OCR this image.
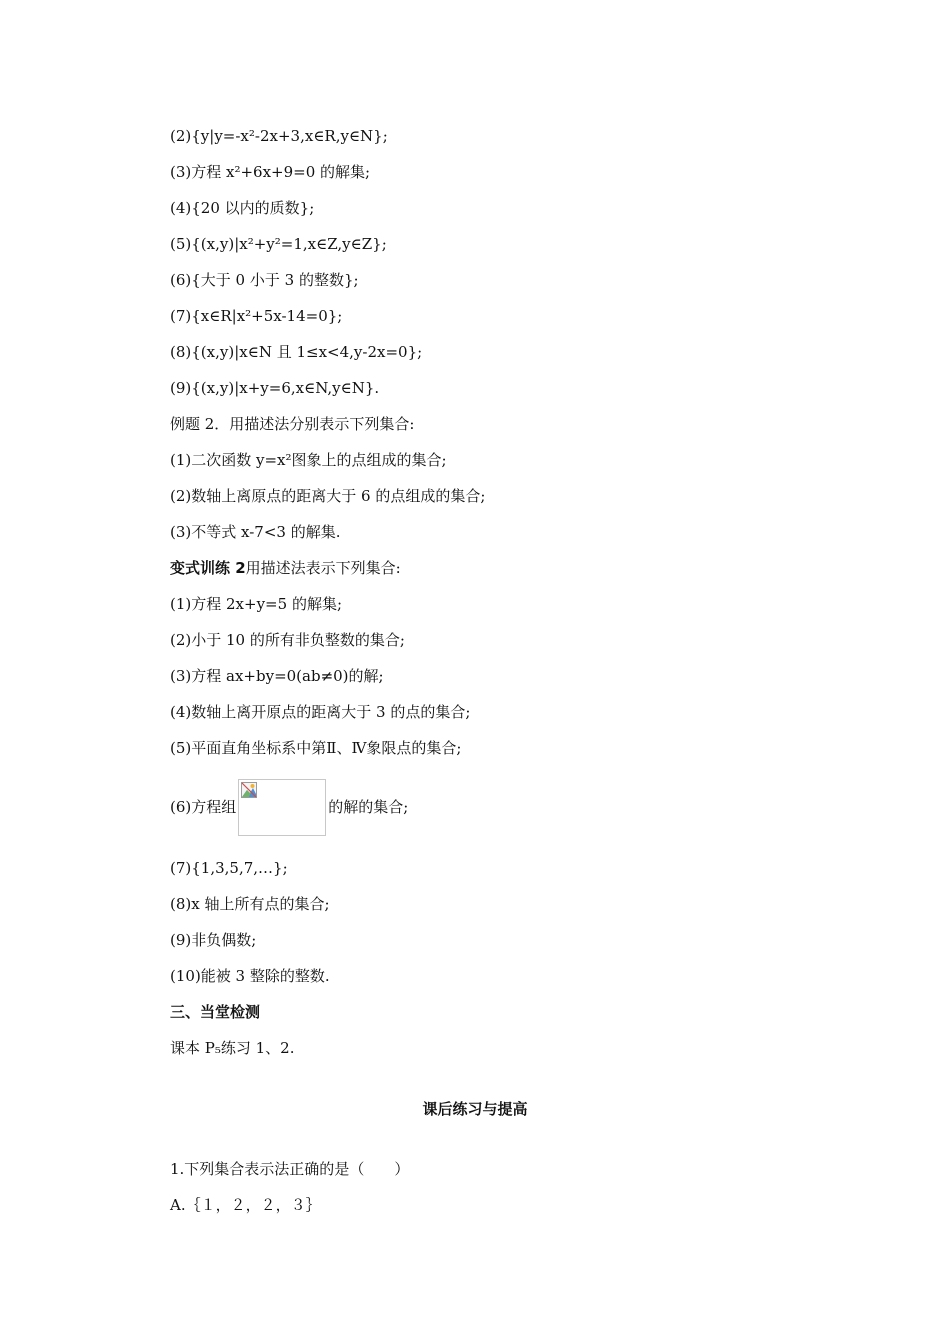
(2){y|y=-x²-2x+3,x∈R,y∈N};
(3)方程 x²+6x+9=0 的解集;
(4){20 以内的质数};
(5){(x,y)|x²+y²=1,x∈Z,y∈Z};
(6){大于 0 小于 3 的整数};
(7){x∈R|x²+5x-14=0};
(8){(x,y)|x∈N 且 1≤x<4,y-2x=0};
(9){(x,y)|x+y=6,x∈N,y∈N}.
例题 2．用描述法分别表示下列集合:
(1)二次函数 y=x²图象上的点组成的集合;
(2)数轴上离原点的距离大于 6 的点组成的集合;
(3)不等式 x-7<3 的解集.
变式训练 2用描述法表示下列集合:
(1)方程 2x+y=5 的解集;
(2)小于 10 的所有非负整数的集合;
(3)方程 ax+by=0(ab≠0)的解;
(4)数轴上离开原点的距离大于 3 的点的集合;
(5)平面直角坐标系中第Ⅱ、Ⅳ象限点的集合;
(6)方程组	的解的集合;
(7){1,3,5,7,…};
(8)x 轴上所有点的集合;
(9)非负偶数;
(10)能被 3 整除的整数.
三、当堂检测
课本 P₅练习 1、2.
课后练习与提高
1.下列集合表示法正确的是（　　）
A.｛１，２，２，３｝
